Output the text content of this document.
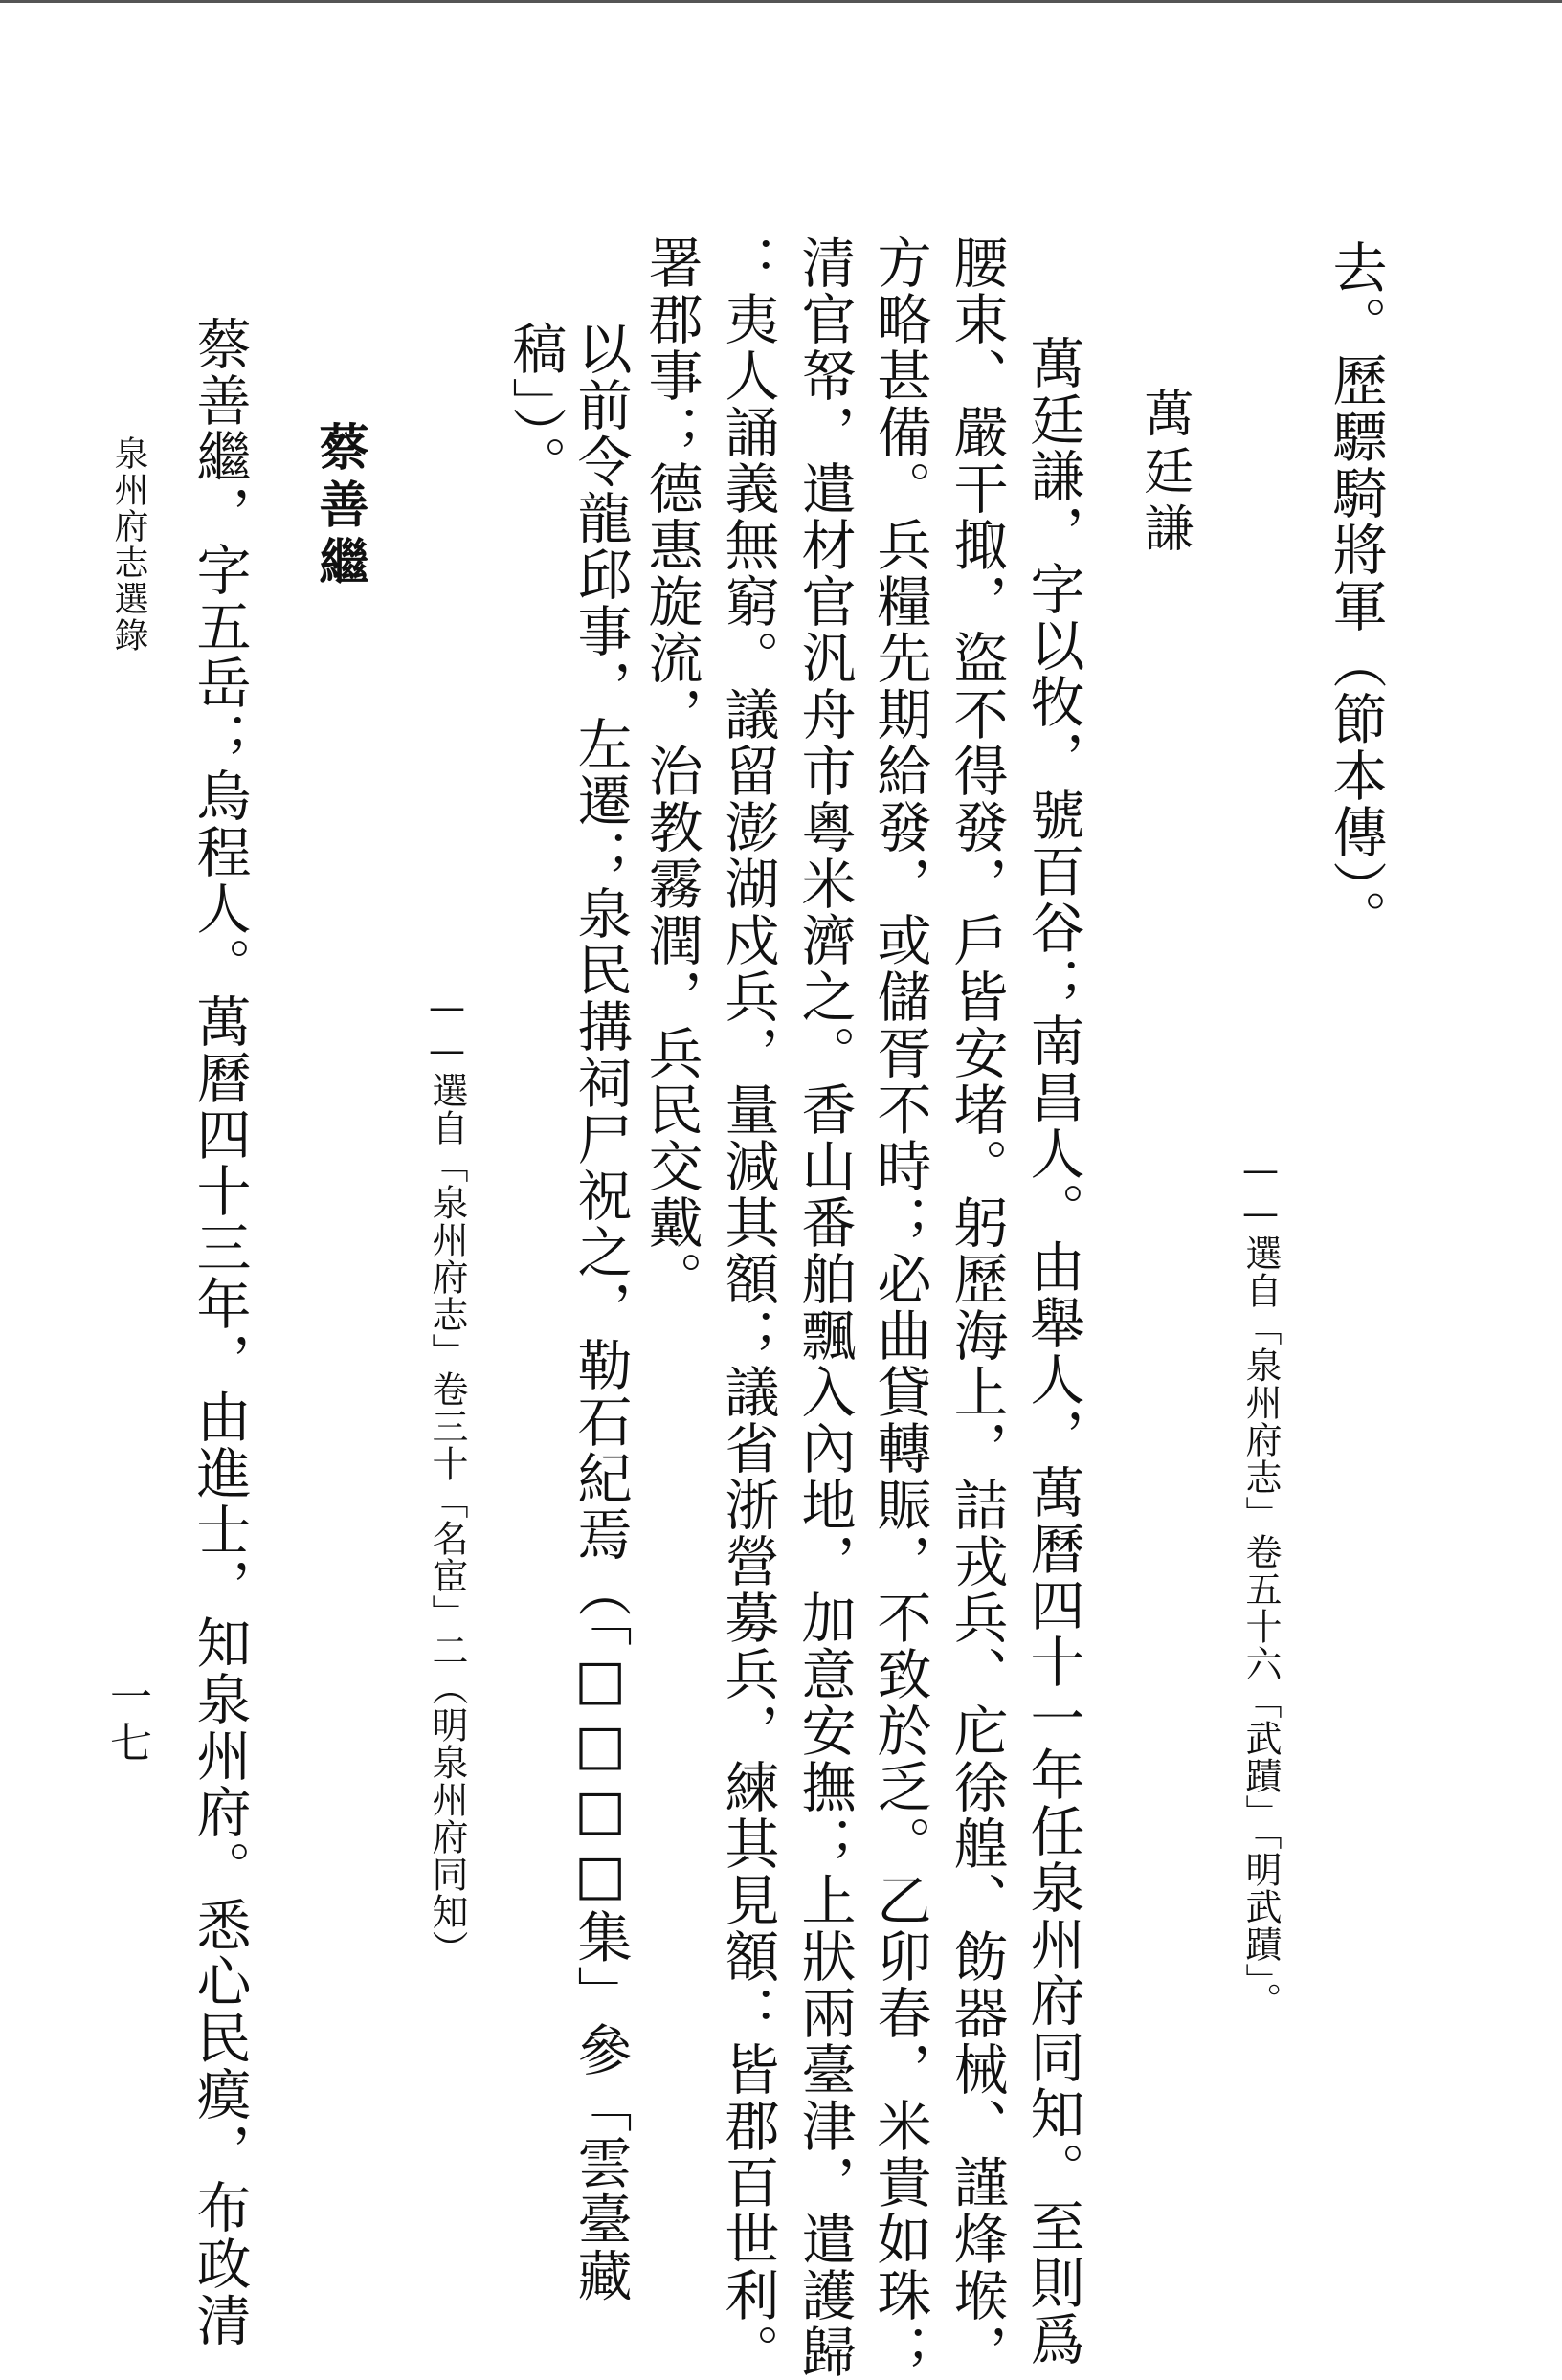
去。歷驃騎將軍（節本傳）。
——選自「泉州府志」卷五十六「武蹟」「明武蹟」。
萬廷謙
萬廷謙，字以牧，號百谷；南昌人。由舉人，萬曆四十一年任泉州府同知。至則爲
腰束、嚴干掫，盜不得發，戶皆安堵。躬歷海上，詰戎兵、庀徐艎、飭器械、謹烽堠，
方略甚備。兵糧先期給發，或儲胥不時；必曲貸轉賑，不致於乏。乙卯春，米貴如珠；
清官帑，遣材官汎舟市粵米濟之。香山番舶飄入內地，加意安撫；上狀兩臺津，遣護歸
：夷人誦義無窮。議留澎湖戍兵，量減其額；議省浙營募兵，練其見額：皆郡百世利。
署郡事；德惠旋流，治教霧潤，兵民交戴。
以前令龍邱事，左遷；泉民搆祠尸祝之，勒石紀焉（「□□□□集」參「雲臺藏
稿」）。
——選自「泉州府志」卷三十「名宦」二（明泉州府同知）
蔡善繼
蔡善繼，字五岳；烏程人。萬曆四十三年，由進士，知泉州府。悉心民瘼，布政清
泉州府志選錄
一七
